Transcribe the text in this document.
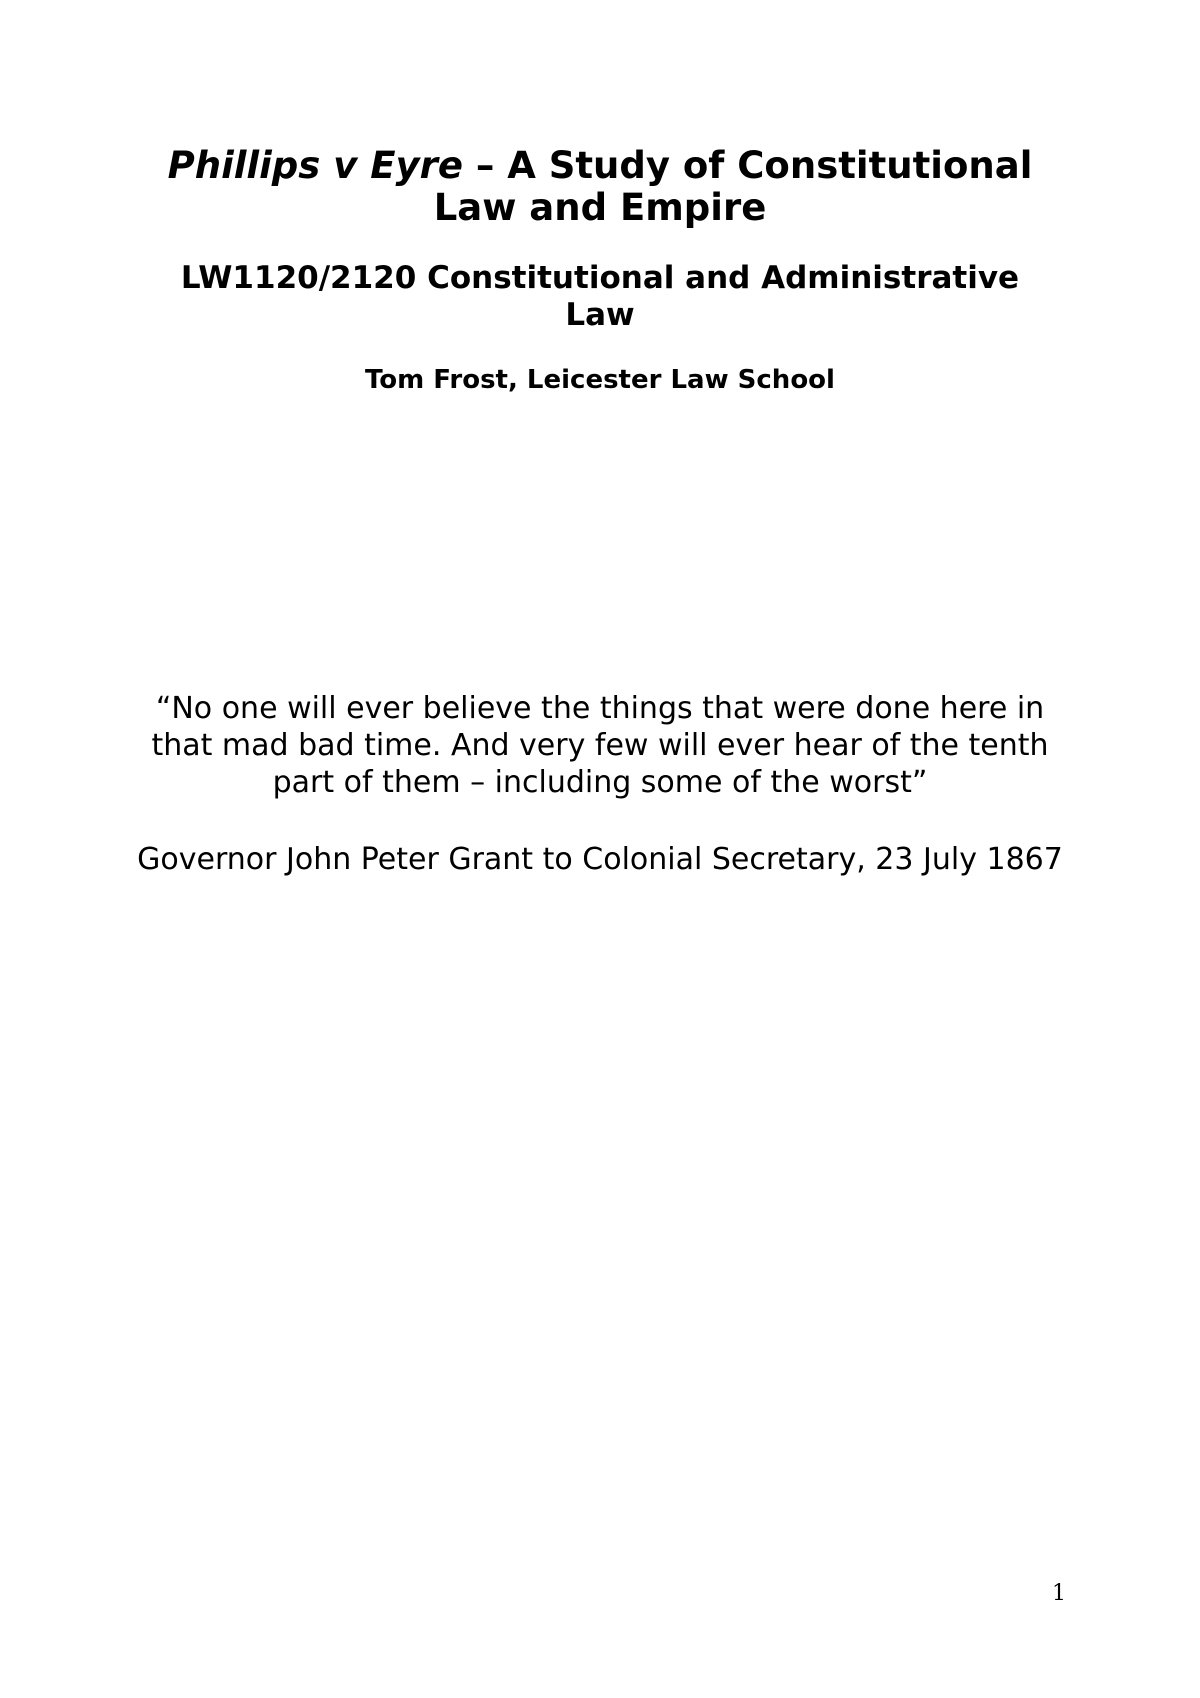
Phillips v Eyre – A Study of Constitutional Law and Empire
LW1120/2120 Constitutional and Administrative Law

Tom Frost, Leicester Law School

“No one will ever believe the things that were done here in that mad bad time. And very few will ever hear of the tenth part of them – including some of the worst”

Governor John Peter Grant to Colonial Secretary, 23 July 1867

1
